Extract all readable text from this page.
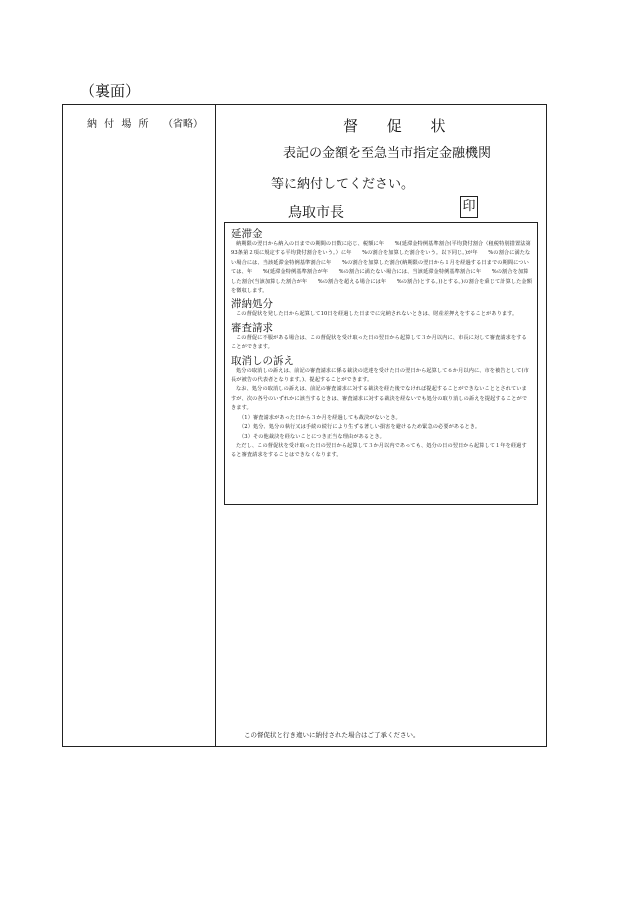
（裏面）
納 付 場 所 （省略）	督 促 状
表記の金額を至急当市指定金融機関
等に納付してください。
鳥取市長	印
延滞金

納期限の翌日から納入の日までの期間の日数に応じ、税額に年　　%(延滞金特例基準割合(平均貸付割合（租税特別措置法第93条第２項に規定する平均貸付割合をいう。）に年　　%の割合を加算した割合をいう。以下同じ。)が年　　%の割合に満たない場合には、当該延滞金特例基準割合に年　　%の割合を加算した割合(納期限の翌日から１月を経過する日までの期間については、年　　%(延滞金特例基準割合が年　　%の割合に満たない場合には、当該延滞金特例基準割合に年　　%の割合を加算した割合(当該加算した割合が年　　%の割合を超える場合には年　　%の割合)とする。))とする。)の割合を乗じて計算した金額を徴収します。

滞納処分

この督促状を発した日から起算して10日を経過した日までに完納されないときは、財産差押えをすることがあります。

審査請求

この督促に不服がある場合は、この督促状を受け取った日の翌日から起算して３か月以内に、市長に対して審査請求をすることができます。

取消しの訴え

処分の取消しの訴えは、前記の審査請求に係る裁決の送達を受けた日の翌日から起算して６か月以内に、市を被告として(市長が被告の代表者となります。)、提起することができます。

なお、処分の取消しの訴えは、前記の審査請求に対する裁決を経た後でなければ提起することができないこととされていますが、次の各号のいずれかに該当するときは、審査請求に対する裁決を経ないでも処分の取り消しの訴えを提起することができます。

（1）審査請求があった日から３か月を経過しても裁決がないとき。

（2）処分、処分の執行又は手続の続行により生ずる著しい損害を避けるため緊急の必要があるとき。

（3）その他裁決を経ないことにつき正当な理由があるとき。

ただし、この督促状を受け取った日の翌日から起算して３か月以内であっても、処分の日の翌日から起算して１年を経過すると審査請求をすることはできなくなります。

この督促状と行き違いに納付された場合はご了承ください。
